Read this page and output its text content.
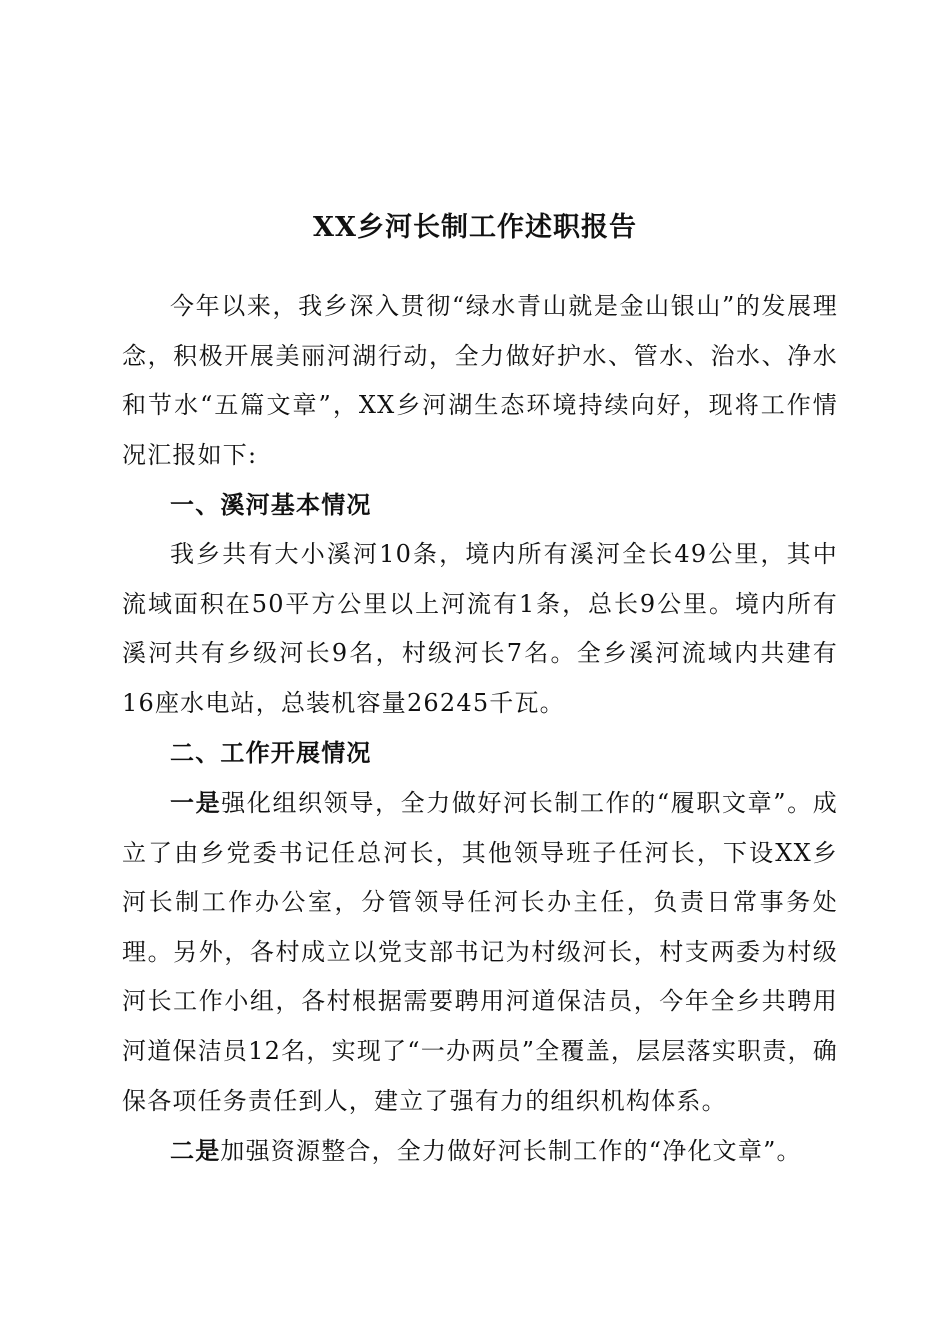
XX乡河长制工作述职报告

今年以来，我乡深入贯彻“绿水青山就是金山银山”的发展理念，积极开展美丽河湖行动，全力做好护水、管水、治水、净水和节水“五篇文章”，XX乡河湖生态环境持续向好，现将工作情况汇报如下:

一、溪河基本情况

我乡共有大小溪河10条，境内所有溪河全长49公里，其中流域面积在50平方公里以上河流有1条，总长9公里。境内所有溪河共有乡级河长9名，村级河长7名。全乡溪河流域内共建有16座水电站，总装机容量26245千瓦。

二、工作开展情况

一是强化组织领导，全力做好河长制工作的“履职文章”。成立了由乡党委书记任总河长，其他领导班子任河长，下设XX乡河长制工作办公室，分管领导任河长办主任，负责日常事务处理。另外，各村成立以党支部书记为村级河长，村支两委为村级河长工作小组，各村根据需要聘用河道保洁员，今年全乡共聘用河道保洁员12名，实现了“一办两员”全覆盖，层层落实职责，确保各项任务责任到人，建立了强有力的组织机构体系。

二是加强资源整合，全力做好河长制工作的“净化文章”。
